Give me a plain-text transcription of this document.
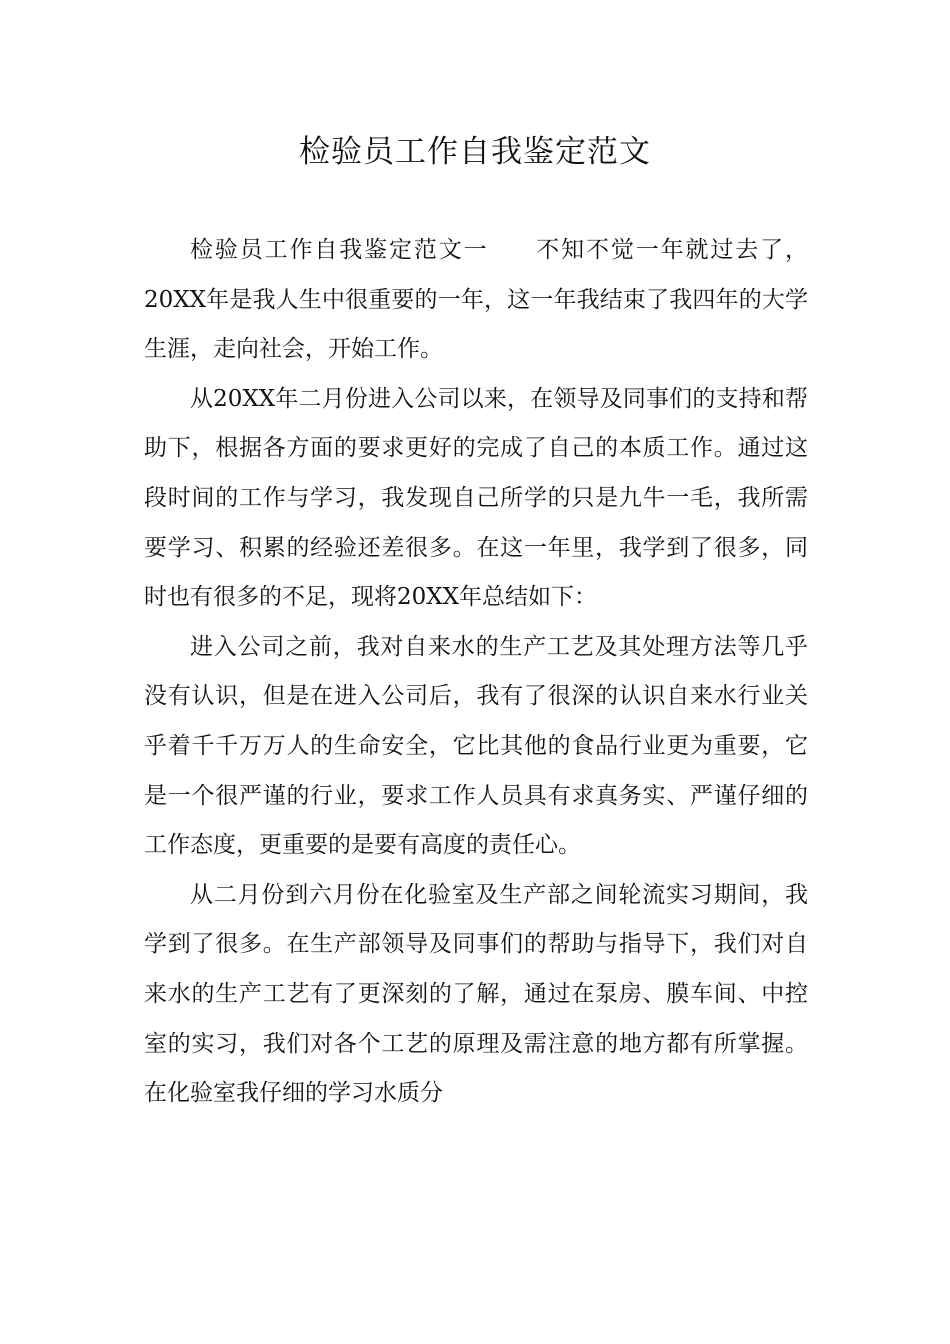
检验员工作自我鉴定范文

检验员工作自我鉴定范文一 不知不觉一年就过去了，20XX年是我人生中很重要的一年，这一年我结束了我四年的大学生涯，走向社会，开始工作。

从20XX年二月份进入公司以来，在领导及同事们的支持和帮助下，根据各方面的要求更好的完成了自己的本质工作。通过这段时间的工作与学习，我发现自己所学的只是九牛一毛，我所需要学习、积累的经验还差很多。在这一年里，我学到了很多，同时也有很多的不足，现将20XX年总结如下：

进入公司之前，我对自来水的生产工艺及其处理方法等几乎没有认识，但是在进入公司后，我有了很深的认识自来水行业关乎着千千万万人的生命安全，它比其他的食品行业更为重要，它是一个很严谨的行业，要求工作人员具有求真务实、严谨仔细的工作态度，更重要的是要有高度的责任心。

从二月份到六月份在化验室及生产部之间轮流实习期间，我学到了很多。在生产部领导及同事们的帮助与指导下，我们对自来水的生产工艺有了更深刻的了解，通过在泵房、膜车间、中控室的实习，我们对各个工艺的原理及需注意的地方都有所掌握。在化验室我仔细的学习水质分
